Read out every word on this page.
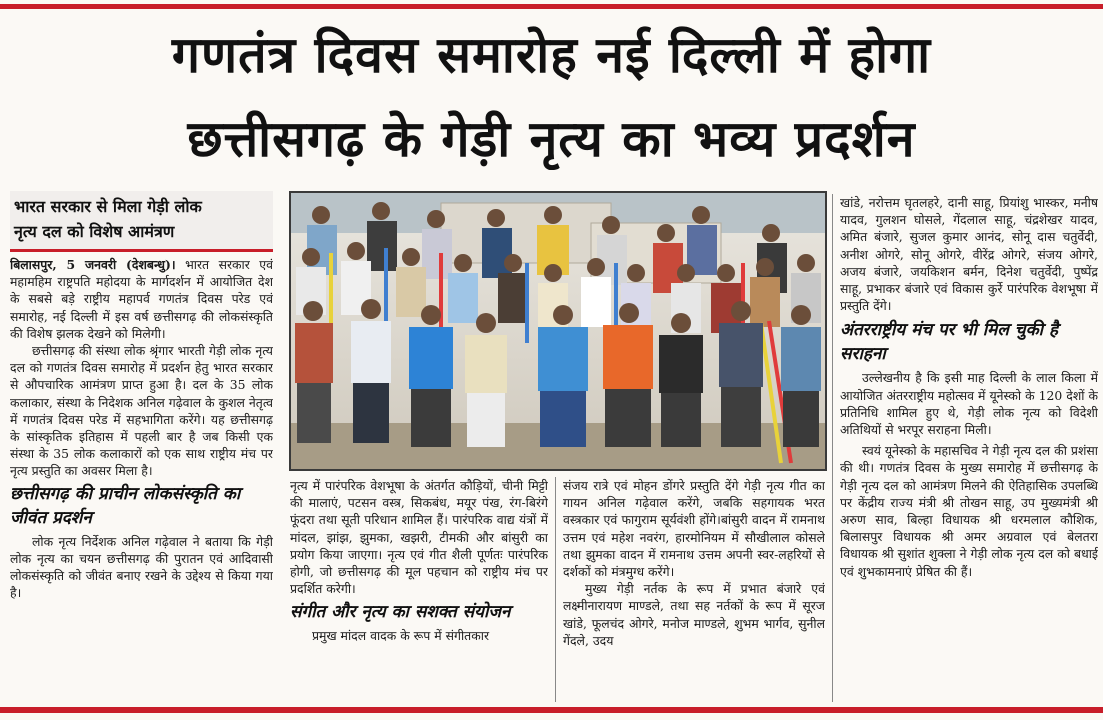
गणतंत्र दिवस समारोह नई दिल्ली में होगा
छत्तीसगढ़ के गेड़ी नृत्य का भव्य प्रदर्शन
भारत सरकार से मिला गेड़ी लोक
नृत्य दल को विशेष आमंत्रण

बिलासपुर, 5 जनवरी (देशबन्धु)। भारत सरकार एवं महामहिम राष्ट्रपति महोदया के मार्गदर्शन में आयोजित देश के सबसे बड़े राष्ट्रीय महापर्व गणतंत्र दिवस परेड एवं समारोह, नई दिल्ली में इस वर्ष छत्तीसगढ़ की लोकसंस्कृति की विशेष झलक देखने को मिलेगी।

छत्तीसगढ़ की संस्था लोक श्रृंगार भारती गेड़ी लोक नृत्य दल को गणतंत्र दिवस समारोह में प्रदर्शन हेतु भारत सरकार से औपचारिक आमंत्रण प्राप्त हुआ है। दल के 35 लोक कलाकार, संस्था के निदेशक अनिल गढ़ेवाल के कुशल नेतृत्व में गणतंत्र दिवस परेड में सहभागिता करेंगे। यह छत्तीसगढ़ के सांस्कृतिक इतिहास में पहली बार है जब किसी एक संस्था के 35 लोक कलाकारों को एक साथ राष्ट्रीय मंच पर नृत्य प्रस्तुति का अवसर मिला है।

छत्तीसगढ़ की प्राचीन लोकसंस्कृति का जीवंत प्रदर्शन

लोक नृत्य निर्देशक अनिल गढ़ेवाल ने बताया कि गेड़ी लोक नृत्य का चयन छत्तीसगढ़ की पुरातन एवं आदिवासी लोकसंस्कृति को जीवंत बनाए रखने के उद्देश्य से किया गया है।

नृत्य में पारंपरिक वेशभूषा के अंतर्गत कौड़ियों, चीनी मिट्टी की मालाएं, पटसन वस्त्र, सिकबंध, मयूर पंख, रंग-बिरंगे फूंदरा तथा सूती परिधान शामिल हैं। पारंपरिक वाद्य यंत्रों में मांदल, झांझ, झुमका, खझरी, टीमकी और बांसुरी का प्रयोग किया जाएगा। नृत्य एवं गीत शैली पूर्णतः पारंपरिक होगी, जो छत्तीसगढ़ की मूल पहचान को राष्ट्रीय मंच पर प्रदर्शित करेगी।

संगीत और नृत्य का सशक्त संयोजन

प्रमुख मांदल वादक के रूप में संगीतकार

संजय रात्रे एवं मोहन डोंगरे प्रस्तुति देंगे गेड़ी नृत्य गीत का गायन अनिल गढ़ेवाल करेंगे, जबकि सहगायक भरत वस्त्रकार एवं फागुराम सूर्यवंशी होंगे।बांसुरी वादन में रामनाथ उत्तम एवं महेश नवरंग, हारमोनियम में सौखीलाल कोसले तथा झुमका वादन में रामनाथ उत्तम अपनी स्वर-लहरियों से दर्शकों को मंत्रमुग्ध करेंगे।

मुख्य गेड़ी नर्तक के रूप में प्रभात बंजारे एवं लक्ष्मीनारायण माण्डले, तथा सह नर्तकों के रूप में सूरज खांडे, फूलचंद ओगरे, मनोज माण्डले, शुभम भार्गव, सुनील गेंदले, उदय

खांडे, नरोत्तम घृतलहरे, दानी साहू, प्रियांशु भास्कर, मनीष यादव, गुलशन घोसले, गेंदलाल साहू, चंद्रशेखर यादव, अमित बंजारे, सुजल कुमार आनंद, सोनू दास चतुर्वेदी, अनीश ओगरे, सोनू ओगरे, वीरेंद्र ओगरे, संजय ओगरे, अजय बंजारे, जयकिशन बर्मन, दिनेश चतुर्वेदी, पुष्पेंद्र साहू, प्रभाकर बंजारे एवं विकास कुर्रे पारंपरिक वेशभूषा में प्रस्तुति देंगे।

अंतरराष्ट्रीय मंच पर भी मिल चुकी है सराहना

उल्लेखनीय है कि इसी माह दिल्ली के लाल किला में आयोजित अंतरराष्ट्रीय महोत्सव में यूनेस्को के 120 देशों के प्रतिनिधि शामिल हुए थे, गेड़ी लोक नृत्य को विदेशी अतिथियों से भरपूर सराहना मिली।

स्वयं यूनेस्को के महासचिव ने गेड़ी नृत्य दल की प्रशंसा की थी। गणतंत्र दिवस के मुख्य समारोह में छत्तीसगढ़ के गेड़ी नृत्य दल को आमंत्रण मिलने की ऐतिहासिक उपलब्धि पर केंद्रीय राज्य मंत्री श्री तोखन साहू, उप मुख्यमंत्री श्री अरुण साव, बिल्हा विधायक श्री धरमलाल कौशिक, बिलासपुर विधायक श्री अमर अग्रवाल एवं बेलतरा विधायक श्री सुशांत शुक्ला ने गेड़ी लोक नृत्य दल को बधाई एवं शुभकामनाएं प्रेषित की हैं।
